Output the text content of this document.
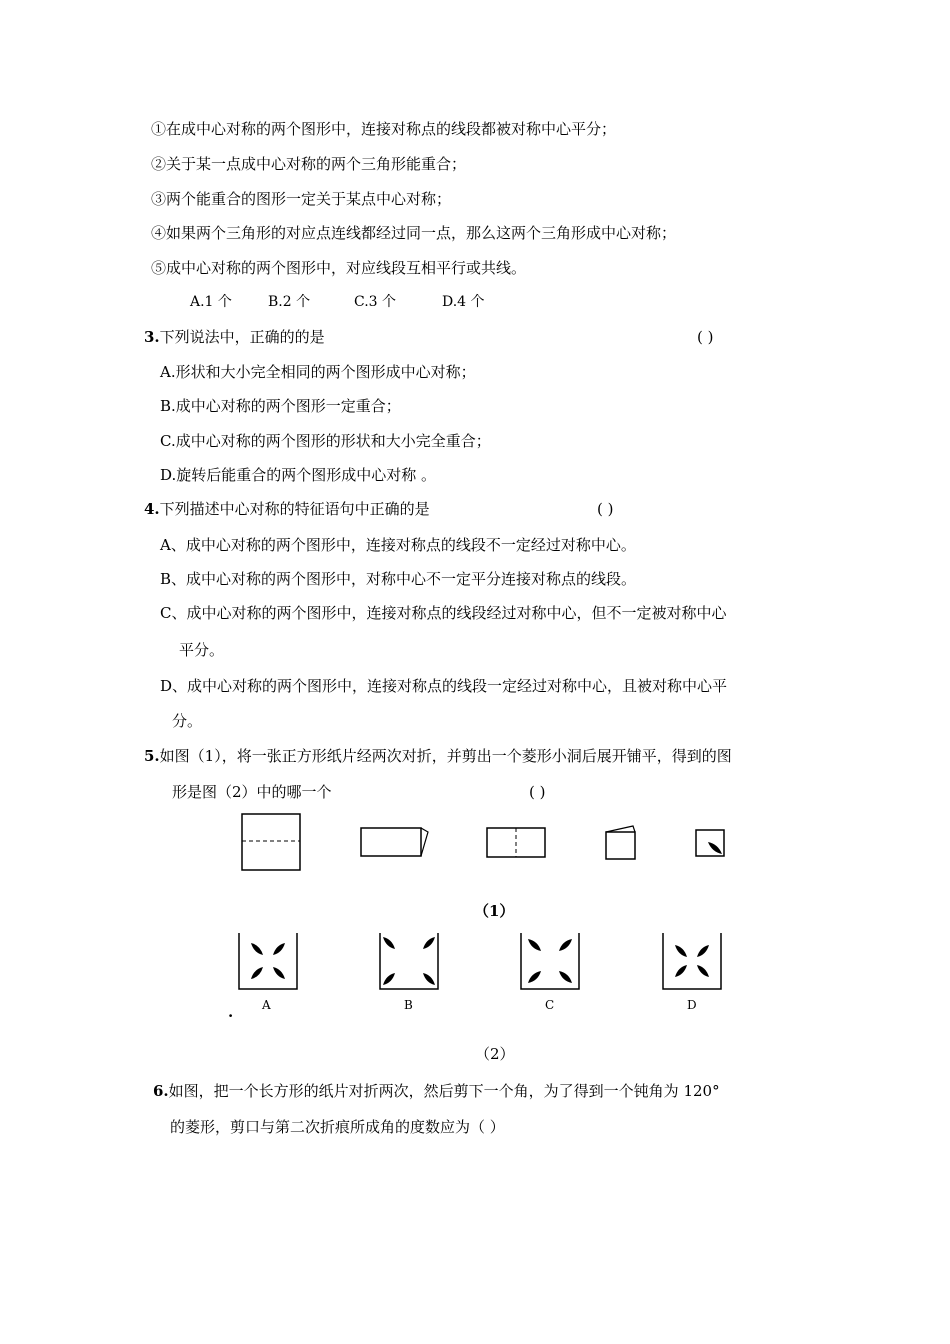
①在成中心对称的两个图形中，连接对称点的线段都被对称中心平分；
②关于某一点成中心对称的两个三角形能重合；
③两个能重合的图形一定关于某点中心对称；
④如果两个三角形的对应点连线都经过同一点，那么这两个三角形成中心对称；
⑤成中心对称的两个图形中，对应线段互相平行或共线。
A.1 个	B.2 个	C.3 个	D.4 个
3.下列说法中，正确的的是	( )
A.形状和大小完全相同的两个图形成中心对称；
B.成中心对称的两个图形一定重合；
C.成中心对称的两个图形的形状和大小完全重合；
D.旋转后能重合的两个图形成中心对称 。
4.下列描述中心对称的特征语句中正确的是	( )
A、成中心对称的两个图形中，连接对称点的线段不一定经过对称中心。
B、成中心对称的两个图形中，对称中心不一定平分连接对称点的线段。
C、成中心对称的两个图形中，连接对称点的线段经过对称中心，但不一定被对称中心
平分。
D、成中心对称的两个图形中，连接对称点的线段一定经过对称中心，且被对称中心平
分。
5.如图（1），将一张正方形纸片经两次对折，并剪出一个菱形小洞后展开铺平，得到的图
形是图（2）中的哪一个	( )
（1）
A	B	C	D
.
（2）
6.如图，把一个长方形的纸片对折两次，然后剪下一个角，为了得到一个钝角为 120°
的菱形，剪口与第二次折痕所成角的度数应为（ ）
